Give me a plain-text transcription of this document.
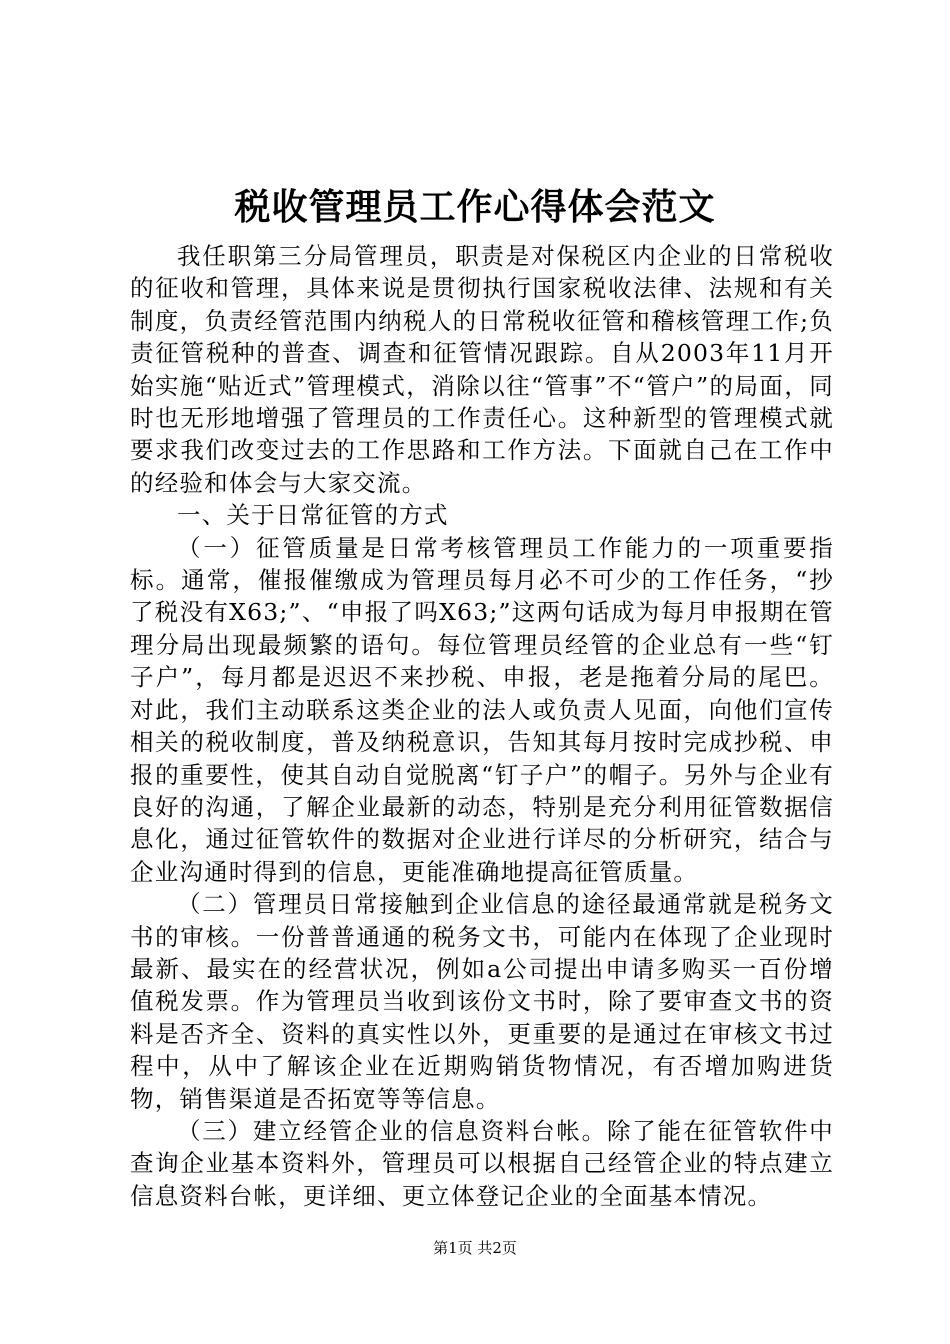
税收管理员工作心得体会范文

我任职第三分局管理员，职责是对保税区内企业的日常税收的征收和管理，具体来说是贯彻执行国家税收法律、法规和有关制度，负责经管范围内纳税人的日常税收征管和稽核管理工作;负责征管税种的普查、调查和征管情况跟踪。自从2003年11月开始实施“贴近式”管理模式，消除以往“管事”不“管户”的局面，同时也无形地增强了管理员的工作责任心。这种新型的管理模式就要求我们改变过去的工作思路和工作方法。下面就自己在工作中的经验和体会与大家交流。

一、关于日常征管的方式

（一）征管质量是日常考核管理员工作能力的一项重要指标。通常，催报催缴成为管理员每月必不可少的工作任务，“抄了税没有X63;”、“申报了吗X63;”这两句话成为每月申报期在管理分局出现最频繁的语句。每位管理员经管的企业总有一些“钉子户”，每月都是迟迟不来抄税、申报，老是拖着分局的尾巴。对此，我们主动联系这类企业的法人或负责人见面，向他们宣传相关的税收制度，普及纳税意识，告知其每月按时完成抄税、申报的重要性，使其自动自觉脱离“钉子户”的帽子。另外与企业有良好的沟通，了解企业最新的动态，特别是充分利用征管数据信息化，通过征管软件的数据对企业进行详尽的分析研究，结合与企业沟通时得到的信息，更能准确地提高征管质量。

（二）管理员日常接触到企业信息的途径最通常就是税务文书的审核。一份普普通通的税务文书，可能内在体现了企业现时最新、最实在的经营状况，例如a公司提出申请多购买一百份增值税发票。作为管理员当收到该份文书时，除了要审查文书的资料是否齐全、资料的真实性以外，更重要的是通过在审核文书过程中，从中了解该企业在近期购销货物情况，有否增加购进货物，销售渠道是否拓宽等等信息。

（三）建立经管企业的信息资料台帐。除了能在征管软件中查询企业基本资料外，管理员可以根据自己经管企业的特点建立信息资料台帐，更详细、更立体登记企业的全面基本情况。

第1页 共2页
